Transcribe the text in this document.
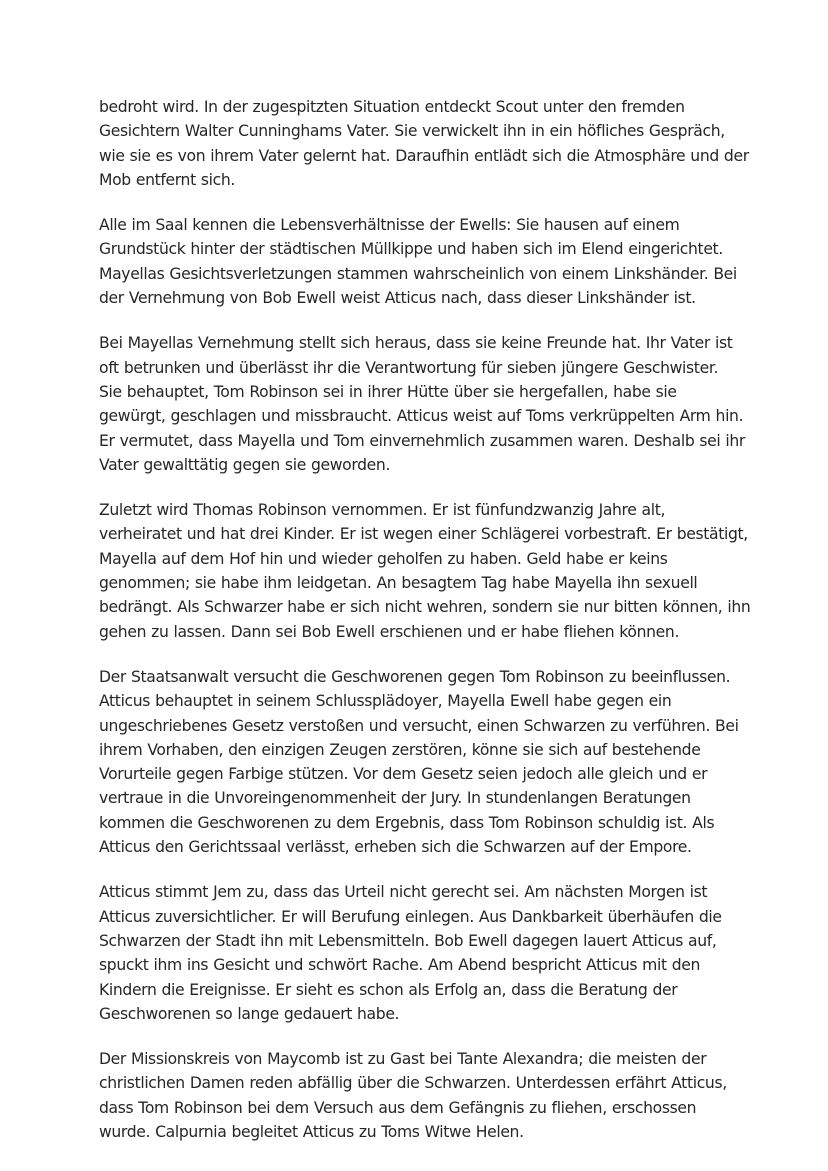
bedroht wird. In der zugespitzten Situation entdeckt Scout unter den fremden
Gesichtern Walter Cunninghams Vater. Sie verwickelt ihn in ein höfliches Gespräch,
wie sie es von ihrem Vater gelernt hat. Daraufhin entlädt sich die Atmosphäre und der
Mob entfernt sich.

Alle im Saal kennen die Lebensverhältnisse der Ewells: Sie hausen auf einem
Grundstück hinter der städtischen Müllkippe und haben sich im Elend eingerichtet.
Mayellas Gesichtsverletzungen stammen wahrscheinlich von einem Linkshänder. Bei
der Vernehmung von Bob Ewell weist Atticus nach, dass dieser Linkshänder ist.

Bei Mayellas Vernehmung stellt sich heraus, dass sie keine Freunde hat. Ihr Vater ist
oft betrunken und überlässt ihr die Verantwortung für sieben jüngere Geschwister.
Sie behauptet, Tom Robinson sei in ihrer Hütte über sie hergefallen, habe sie
gewürgt, geschlagen und missbraucht. Atticus weist auf Toms verkrüppelten Arm hin.
Er vermutet, dass Mayella und Tom einvernehmlich zusammen waren. Deshalb sei ihr
Vater gewalttätig gegen sie geworden.

Zuletzt wird Thomas Robinson vernommen. Er ist fünfundzwanzig Jahre alt,
verheiratet und hat drei Kinder. Er ist wegen einer Schlägerei vorbestraft. Er bestätigt,
Mayella auf dem Hof hin und wieder geholfen zu haben. Geld habe er keins
genommen; sie habe ihm leidgetan. An besagtem Tag habe Mayella ihn sexuell
bedrängt. Als Schwarzer habe er sich nicht wehren, sondern sie nur bitten können, ihn
gehen zu lassen. Dann sei Bob Ewell erschienen und er habe fliehen können.

Der Staatsanwalt versucht die Geschworenen gegen Tom Robinson zu beeinflussen.
Atticus behauptet in seinem Schlussplädoyer, Mayella Ewell habe gegen ein
ungeschriebenes Gesetz verstoßen und versucht, einen Schwarzen zu verführen. Bei
ihrem Vorhaben, den einzigen Zeugen zerstören, könne sie sich auf bestehende
Vorurteile gegen Farbige stützen. Vor dem Gesetz seien jedoch alle gleich und er
vertraue in die Unvoreingenommenheit der Jury. In stundenlangen Beratungen
kommen die Geschworenen zu dem Ergebnis, dass Tom Robinson schuldig ist. Als
Atticus den Gerichtssaal verlässt, erheben sich die Schwarzen auf der Empore.

Atticus stimmt Jem zu, dass das Urteil nicht gerecht sei. Am nächsten Morgen ist
Atticus zuversichtlicher. Er will Berufung einlegen. Aus Dankbarkeit überhäufen die
Schwarzen der Stadt ihn mit Lebensmitteln. Bob Ewell dagegen lauert Atticus auf,
spuckt ihm ins Gesicht und schwört Rache. Am Abend bespricht Atticus mit den
Kindern die Ereignisse. Er sieht es schon als Erfolg an, dass die Beratung der
Geschworenen so lange gedauert habe.

Der Missionskreis von Maycomb ist zu Gast bei Tante Alexandra; die meisten der
christlichen Damen reden abfällig über die Schwarzen. Unterdessen erfährt Atticus,
dass Tom Robinson bei dem Versuch aus dem Gefängnis zu fliehen, erschossen
wurde. Calpurnia begleitet Atticus zu Toms Witwe Helen.
